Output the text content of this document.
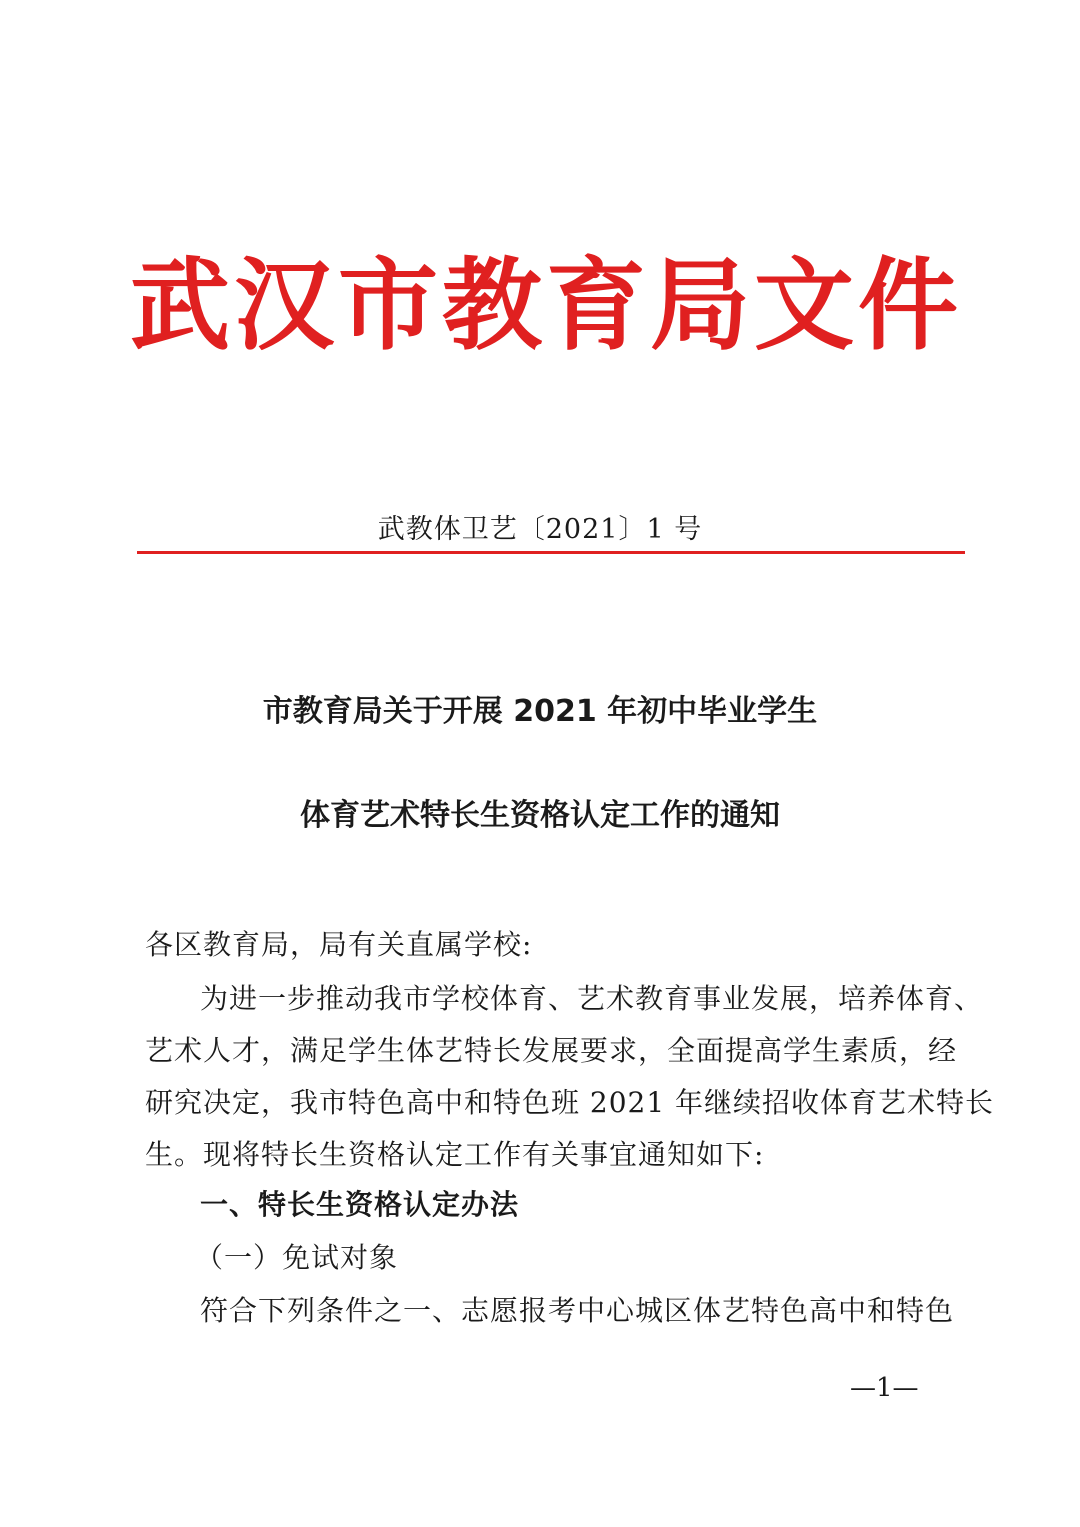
武汉市教育局文件
武教体卫艺〔2021〕1 号
市教育局关于开展 2021 年初中毕业学生
体育艺术特长生资格认定工作的通知
各区教育局，局有关直属学校:
为进一步推动我市学校体育、艺术教育事业发展，培养体育、
艺术人才，满足学生体艺特长发展要求，全面提高学生素质，经
研究决定，我市特色高中和特色班 2021 年继续招收体育艺术特长
生。现将特长生资格认定工作有关事宜通知如下:
一、特长生资格认定办法
（一）免试对象
符合下列条件之一、志愿报考中心城区体艺特色高中和特色
—1—
